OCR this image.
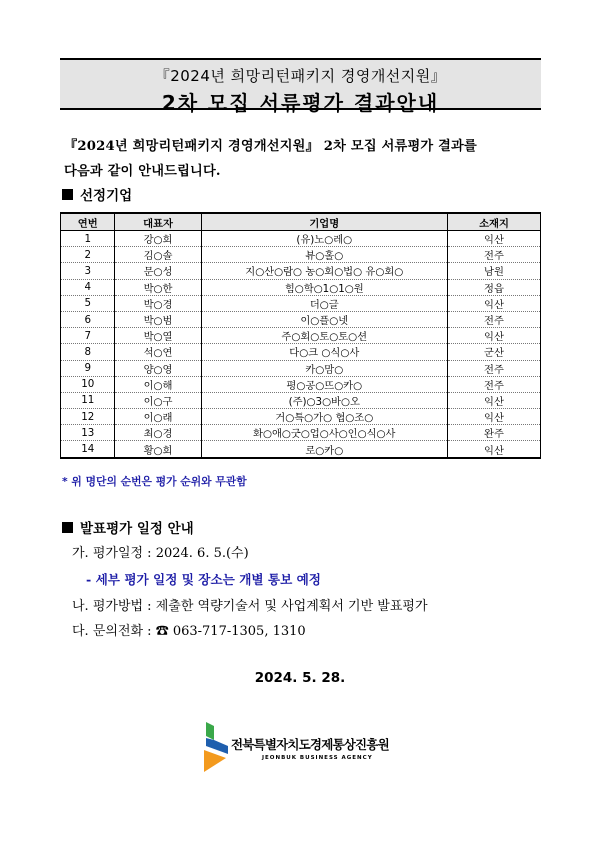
『2024년 희망리턴패키지 경영개선지원』
2차 모집 서류평가 결과안내
『2024년 희망리턴패키지 경영개선지원』 2차 모집 서류평가 결과를
다음과 같이 안내드립니다.
선정기업
연번	대표자	기업명	소재지
1	강○희	(유)노○레○	익산
2	김○솔	뷰○홀○	전주
3	문○성	지○산○람○ 농○회○법○ 유○회○	남원
4	박○한	힘○학○1○1○원	정읍
5	박○경	더○글	익산
6	박○범	이○플○넷	전주
7	박○열	주○회○토○토○션	익산
8	석○연	다○크 ○식○사	군산
9	양○영	카○맘○	전주
10	이○해	평○공○뜨○카○	전주
11	이○구	(주)○3○바○오	익산
12	이○래	거○특○가○ 협○조○	익산
13	최○경	화○애○굿○업○사○인○식○사	완주
14	황○희	로○카○	익산
* 위 명단의 순번은 평가 순위와 무관함
발표평가 일정 안내
가. 평가일정 : 2024. 6. 5.(수)
- 세부 평가 일정 및 장소는 개별 통보 예정
나. 평가방법 : 제출한 역량기술서 및 사업계획서 기반 발표평가
다. 문의전화 : ☎ 063-717-1305, 1310
2024. 5. 28.
전북특별자치도경제통상진흥원
JEONBUK BUSINESS AGENCY
